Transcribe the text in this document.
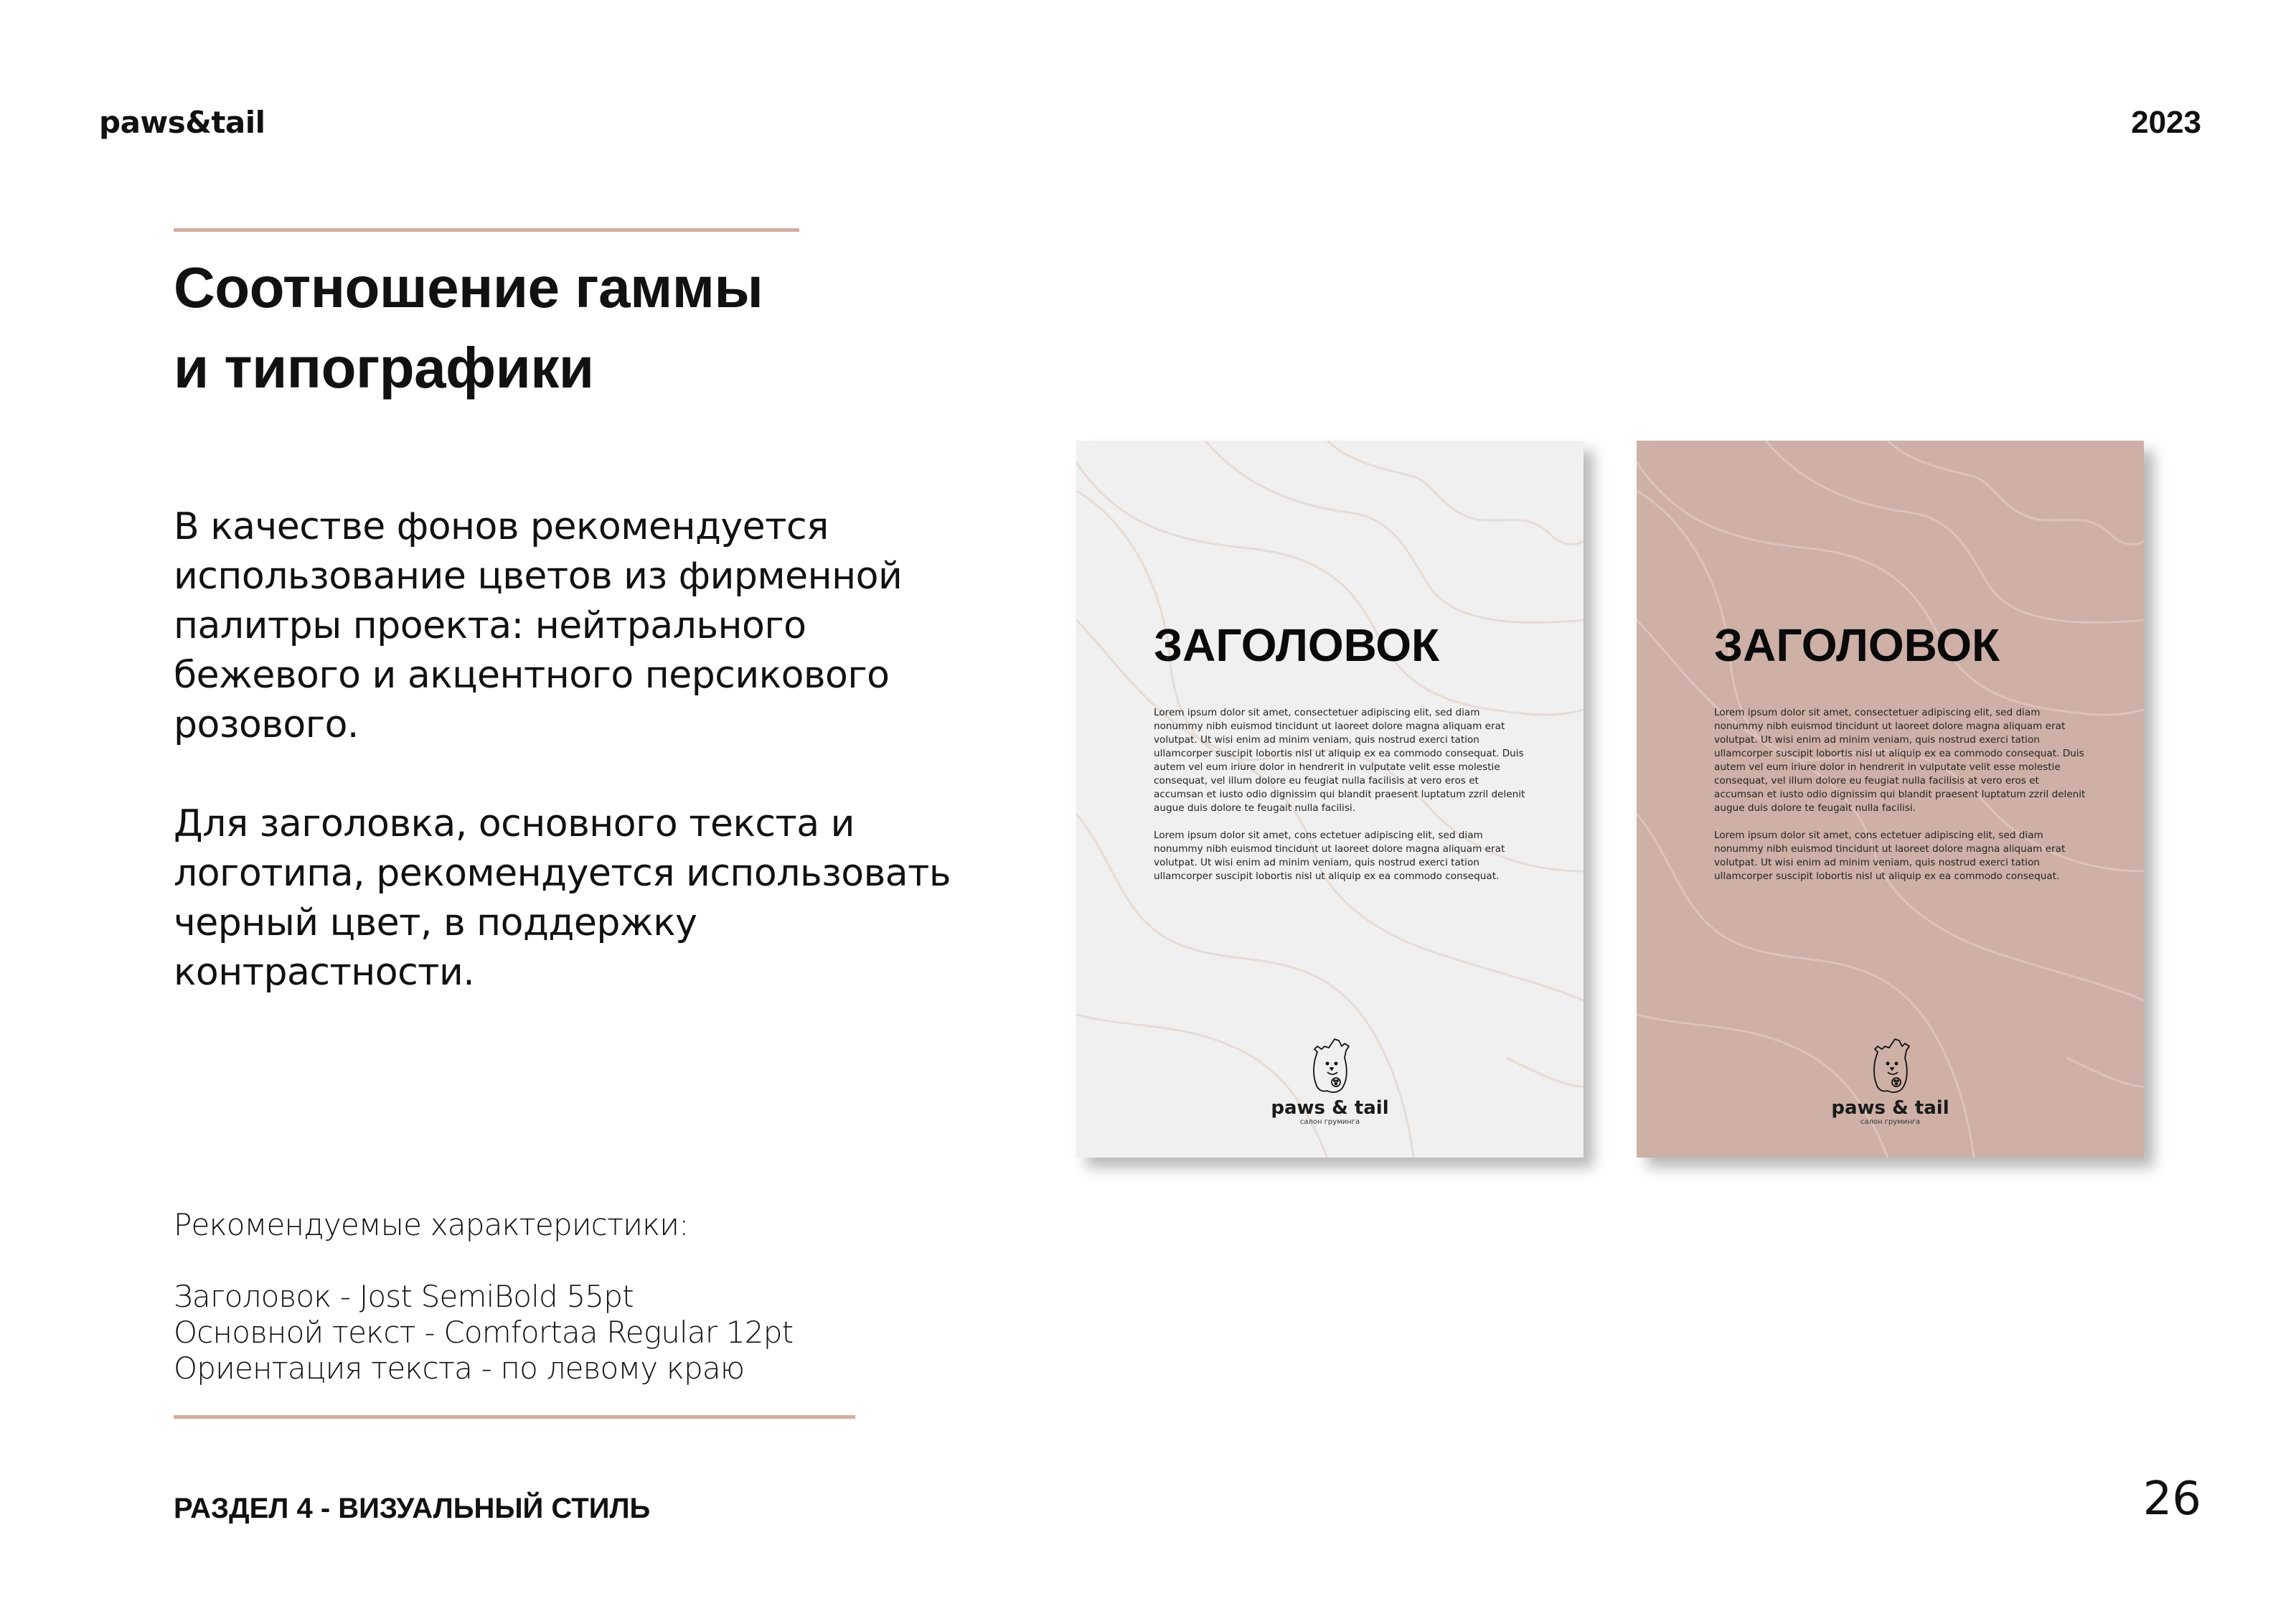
paws&tail	2023
Соотношение гаммы
и типографики

В качестве фонов рекомендуется использование цветов из фирменной палитры проекта: нейтрального бежевого и акцентного персикового розового.

Для заголовка, основного текста и логотипа, рекомендуется использовать черный цвет, в поддержку контрастности.

Рекомендуемые характеристики:
Заголовок - Jost SemiBold 55pt
Основной текст - Comfortaa Regular 12pt
Ориентация текста - по левому краю
РАЗДЕЛ 4 - ВИЗУАЛЬНЫЙ СТИЛЬ	26
ЗАГОЛОВОК

Lorem ipsum dolor sit amet, consectetuer adipiscing elit, sed diam nonummy nibh euismod tincidunt ut laoreet dolore magna aliquam erat volutpat. Ut wisi enim ad minim veniam, quis nostrud exerci tation ullamcorper suscipit lobortis nisl ut aliquip ex ea commodo consequat. Duis autem vel eum iriure dolor in hendrerit in vulputate velit esse molestie consequat, vel illum dolore eu feugiat nulla facilisis at vero eros et accumsan et iusto odio dignissim qui blandit praesent luptatum zzril delenit augue duis dolore te feugait nulla facilisi.

Lorem ipsum dolor sit amet, cons ectetuer adipiscing elit, sed diam nonummy nibh euismod tincidunt ut laoreet dolore magna aliquam erat volutpat. Ut wisi enim ad minim veniam, quis nostrud exerci tation ullamcorper suscipit lobortis nisl ut aliquip ex ea commodo consequat.

paws & tail
салон груминга
ЗАГОЛОВОК

Lorem ipsum dolor sit amet, consectetuer adipiscing elit, sed diam nonummy nibh euismod tincidunt ut laoreet dolore magna aliquam erat volutpat. Ut wisi enim ad minim veniam, quis nostrud exerci tation ullamcorper suscipit lobortis nisl ut aliquip ex ea commodo consequat. Duis autem vel eum iriure dolor in hendrerit in vulputate velit esse molestie consequat, vel illum dolore eu feugiat nulla facilisis at vero eros et accumsan et iusto odio dignissim qui blandit praesent luptatum zzril delenit augue duis dolore te feugait nulla facilisi.

Lorem ipsum dolor sit amet, cons ectetuer adipiscing elit, sed diam nonummy nibh euismod tincidunt ut laoreet dolore magna aliquam erat volutpat. Ut wisi enim ad minim veniam, quis nostrud exerci tation ullamcorper suscipit lobortis nisl ut aliquip ex ea commodo consequat.

paws & tail
салон груминга
